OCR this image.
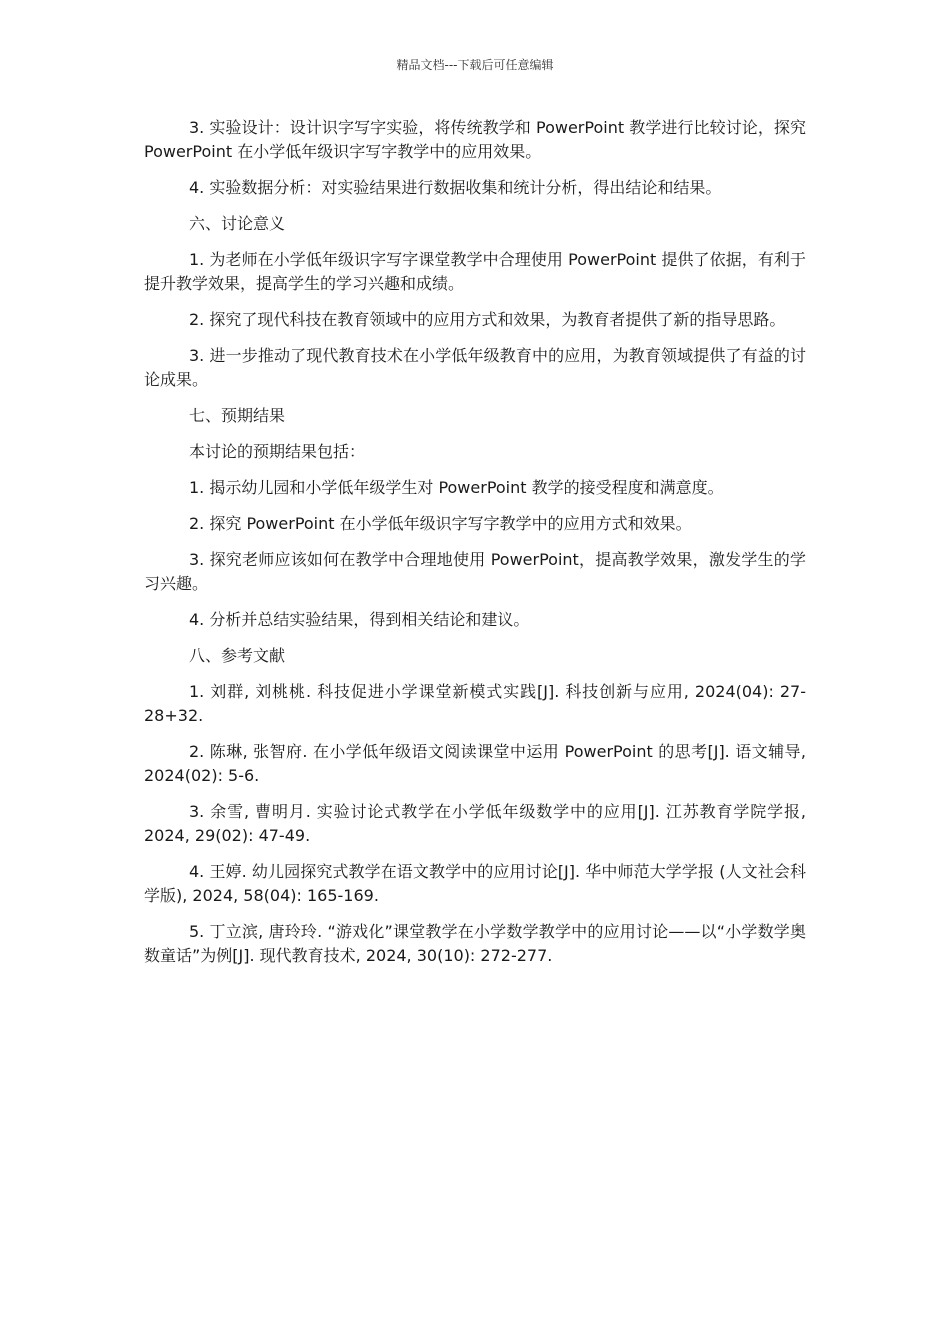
精品文档---下载后可任意编辑

3. 实验设计：设计识字写字实验，将传统教学和 PowerPoint 教学进行比较讨论，探究 PowerPoint 在小学低年级识字写字教学中的应用效果。

4. 实验数据分析：对实验结果进行数据收集和统计分析，得出结论和结果。

六、讨论意义

1. 为老师在小学低年级识字写字课堂教学中合理使用 PowerPoint 提供了依据，有利于提升教学效果，提高学生的学习兴趣和成绩。

2. 探究了现代科技在教育领域中的应用方式和效果，为教育者提供了新的指导思路。

3. 进一步推动了现代教育技术在小学低年级教育中的应用，为教育领域提供了有益的讨论成果。

七、预期结果

本讨论的预期结果包括：

1. 揭示幼儿园和小学低年级学生对 PowerPoint 教学的接受程度和满意度。

2. 探究 PowerPoint 在小学低年级识字写字教学中的应用方式和效果。

3. 探究老师应该如何在教学中合理地使用 PowerPoint，提高教学效果，激发学生的学习兴趣。

4. 分析并总结实验结果，得到相关结论和建议。

八、参考文献

1. 刘群, 刘桃桃. 科技促进小学课堂新模式实践[J]. 科技创新与应用, 2024(04): 27-28+32.

2. 陈琳, 张智府. 在小学低年级语文阅读课堂中运用 PowerPoint 的思考[J]. 语文辅导, 2024(02): 5-6.

3. 余雪, 曹明月. 实验讨论式教学在小学低年级数学中的应用[J]. 江苏教育学院学报, 2024, 29(02): 47-49.

4. 王婷. 幼儿园探究式教学在语文教学中的应用讨论[J]. 华中师范大学学报 (人文社会科学版), 2024, 58(04): 165-169.

5. 丁立滨, 唐玲玲. “游戏化”课堂教学在小学数学教学中的应用讨论——以“小学数学奥数童话”为例[J]. 现代教育技术, 2024, 30(10): 272-277.
